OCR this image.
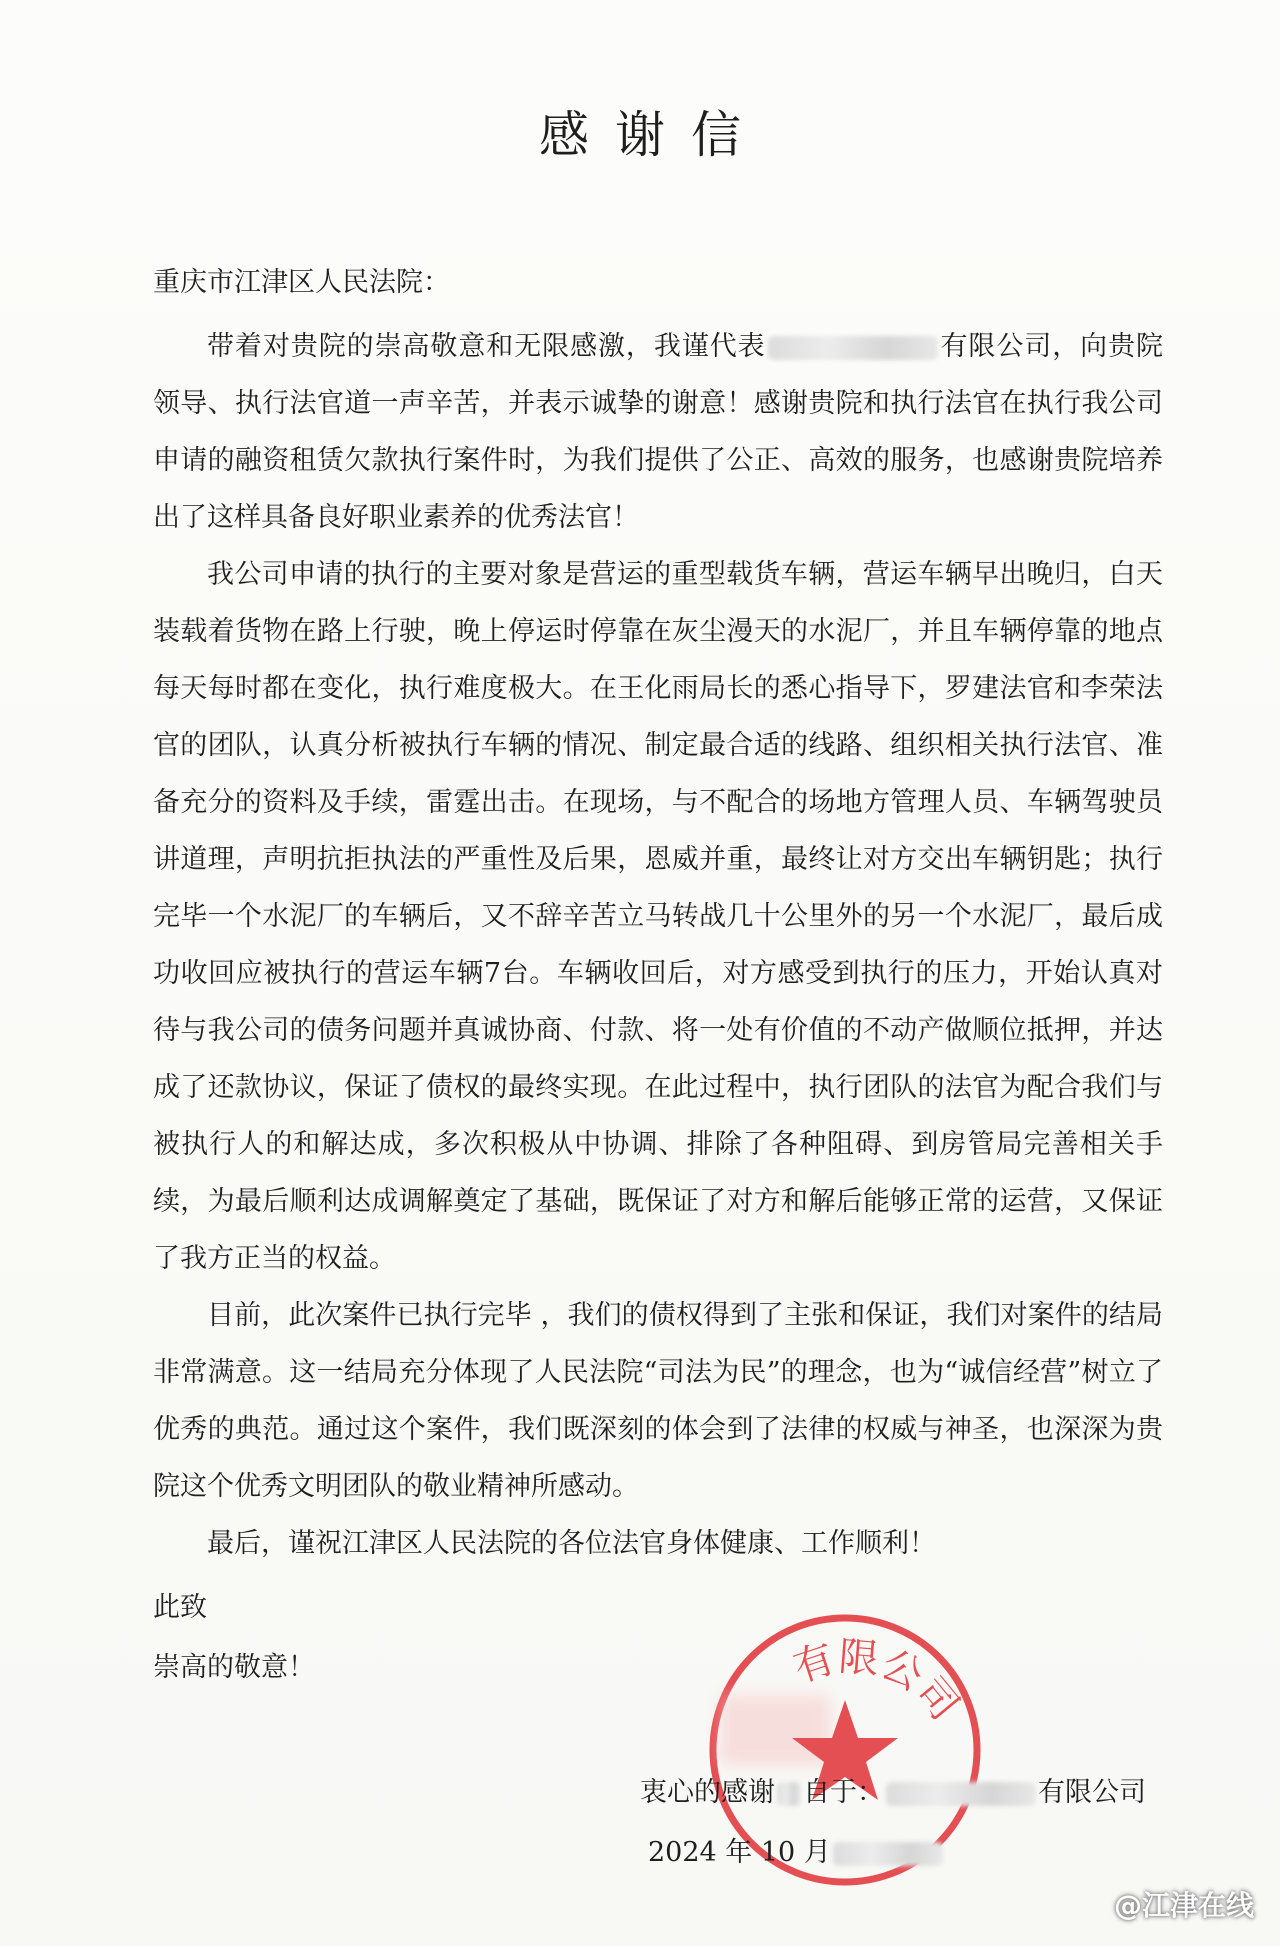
感谢信
重庆市江津区人民法院：

带着对贵院的崇高敬意和无限感激，我谨代表	有限公司，向贵院领导、执行法官道一声辛苦，并表示诚挚的谢意！感谢贵院和执行法官在执行我公司申请的融资租赁欠款执行案件时，为我们提供了公正、高效的服务，也感谢贵院培养出了这样具备良好职业素养的优秀法官！

我公司申请的执行的主要对象是营运的重型载货车辆，营运车辆早出晚归，白天装载着货物在路上行驶，晚上停运时停靠在灰尘漫天的水泥厂，并且车辆停靠的地点每天每时都在变化，执行难度极大。在王化雨局长的悉心指导下，罗建法官和李荣法官的团队，认真分析被执行车辆的情况、制定最合适的线路、组织相关执行法官、准备充分的资料及手续，雷霆出击。在现场，与不配合的场地方管理人员、车辆驾驶员讲道理，声明抗拒执法的严重性及后果，恩威并重，最终让对方交出车辆钥匙；执行完毕一个水泥厂的车辆后，又不辞辛苦立马转战几十公里外的另一个水泥厂，最后成功收回应被执行的营运车辆7台。车辆收回后，对方感受到执行的压力，开始认真对待与我公司的债务问题并真诚协商、付款、将一处有价值的不动产做顺位抵押，并达成了还款协议，保证了债权的最终实现。在此过程中，执行团队的法官为配合我们与被执行人的和解达成，多次积极从中协调、排除了各种阻碍、到房管局完善相关手续，为最后顺利达成调解奠定了基础，既保证了对方和解后能够正常的运营，又保证了我方正当的权益。

目前，此次案件已执行完毕 ，我们的债权得到了主张和保证，我们对案件的结局非常满意。这一结局充分体现了人民法院“司法为民”的理念，也为“诚信经营”树立了优秀的典范。通过这个案件，我们既深刻的体会到了法律的权威与神圣，也深深为贵院这个优秀文明团队的敬业精神所感动。

最后，谨祝江津区人民法院的各位法官身体健康、工作顺利！

此致
崇高的敬意！	有限公司
衷心的感谢 自于：	有限公司
2024 年 10 月
@江津在线
